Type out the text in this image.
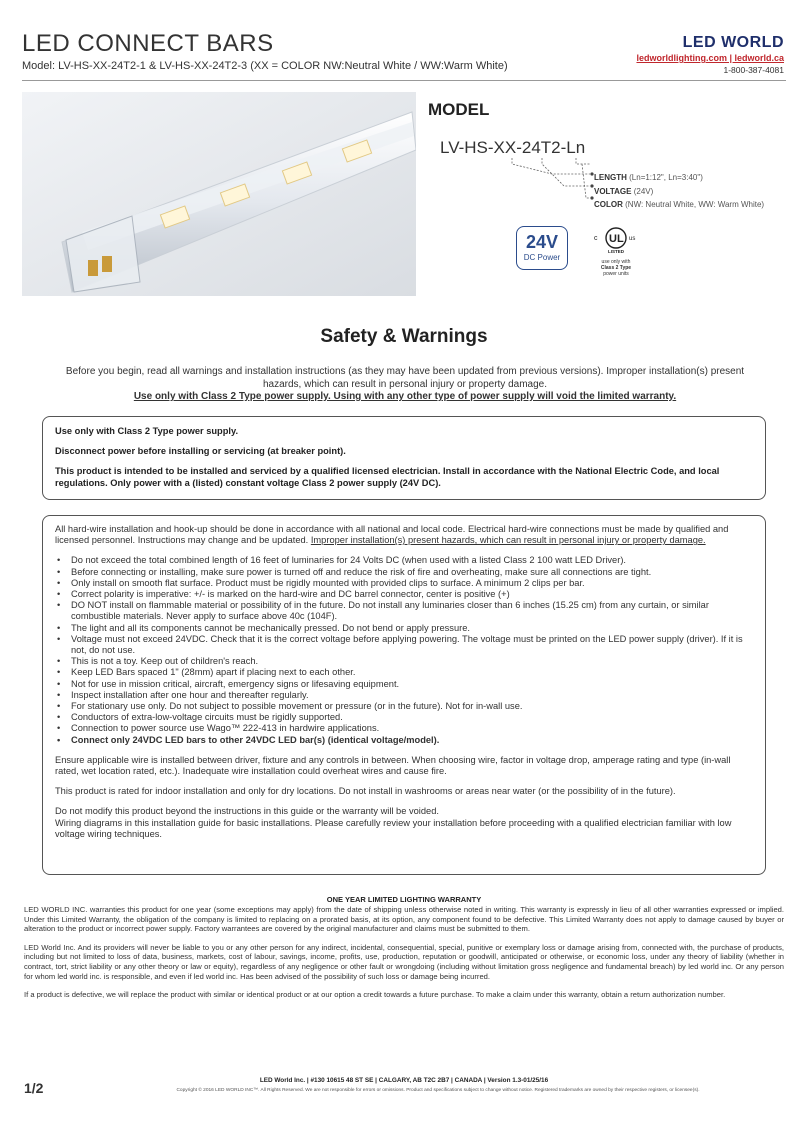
LED CONNECT BARS
Model: LV-HS-XX-24T2-1 & LV-HS-XX-24T2-3 (XX = COLOR NW:Neutral White / WW:Warm White)
LED WORLD
ledworldlighting.com | ledworld.ca
1-800-387-4081
MODEL
LV-HS-XX-24T2-Ln
LENGTH (Ln=1:12", Ln=3:40")
VOLTAGE (24V)
COLOR (NW: Neutral White, WW: Warm White)
24V
DC Power
c UL us
LISTED
use only with
Class 2 Type
power units
Safety & Warnings
Before you begin, read all warnings and installation instructions (as they may have been updated from previous versions). Improper installation(s) present hazards, which can result in personal injury or property damage.
Use only with Class 2 Type power supply. Using with any other type of power supply will void the limited warranty.

Use only with Class 2 Type power supply.

Disconnect power before installing or servicing (at breaker point).

This product is intended to be installed and serviced by a qualified licensed electrician. Install in accordance with the National Electric Code, and local regulations. Only power with a (listed) constant voltage Class 2 power supply (24V DC).

All hard-wire installation and hook-up should be done in accordance with all national and local code. Electrical hard-wire connections must be made by qualified and licensed personnel. Instructions may change and be updated. Improper installation(s) present hazards, which can result in personal injury or property damage.

• Do not exceed the total combined length of 16 feet of luminaries for 24 Volts DC (when used with a listed Class 2 100 watt LED Driver).
• Before connecting or installing, make sure power is turned off and reduce the risk of fire and overheating, make sure all connections are tight.
• Only install on smooth flat surface. Product must be rigidly mounted with provided clips to surface. A minimum 2 clips per bar.
• Correct polarity is imperative: +/- is marked on the hard-wire and DC barrel connector, center is positive (+)
• DO NOT install on flammable material or possibility of in the future. Do not install any luminaries closer than 6 inches (15.25 cm) from any curtain, or similar combustible materials. Never apply to surface above 40c (104F).
• The light and all its components cannot be mechanically pressed. Do not bend or apply pressure.
• Voltage must not exceed 24VDC. Check that it is the correct voltage before applying powering. The voltage must be printed on the LED power supply (driver). If it is not, do not use.
• This is not a toy. Keep out of children's reach.
• Keep LED Bars spaced 1" (28mm) apart if placing next to each other.
• Not for use in mission critical, aircraft, emergency signs or lifesaving equipment.
• Inspect installation after one hour and thereafter regularly.
• For stationary use only. Do not subject to possible movement or pressure (or in the future). Not for in-wall use.
• Conductors of extra-low-voltage circuits must be rigidly supported.
• Connection to power source use Wago™ 222-413 in hardwire applications.
• Connect only 24VDC LED bars to other 24VDC LED bar(s) (identical voltage/model).

Ensure applicable wire is installed between driver, fixture and any controls in between. When choosing wire, factor in voltage drop, amperage rating and type (in-wall rated, wet location rated, etc.). Inadequate wire installation could overheat wires and cause fire.

This product is rated for indoor installation and only for dry locations. Do not install in washrooms or areas near water (or the possibility of in the future).

Do not modify this product beyond the instructions in this guide or the warranty will be voided.
Wiring diagrams in this installation guide for basic installations. Please carefully review your installation before proceeding with a qualified electrician familiar with low voltage wiring techniques.

ONE YEAR LIMITED LIGHTING WARRANTY

LED WORLD INC. warranties this product for one year (some exceptions may apply) from the date of shipping unless otherwise noted in writing. This warranty is expressly in lieu of all other warranties expressed or implied. Under this Limited Warranty, the obligation of the company is limited to replacing on a prorated basis, at its option, any component found to be defective. This Limited Warranty does not apply to damage caused by buyer or alteration to the product or incorrect power supply. Factory warrantees are covered by the original manufacturer and claims must be submitted to them.

LED World Inc. And its providers will never be liable to you or any other person for any indirect, incidental, consequential, special, punitive or exemplary loss or damage arising from, connected with, the purchase of products, including but not limited to loss of data, business, markets, cost of labour, savings, income, profits, use, production, reputation or goodwill, anticipated or otherwise, or economic loss, under any theory of liability (whether in contract, tort, strict liability or any other theory or law or equity), regardless of any negligence or other fault or wrongdoing (including without limitation gross negligence and fundamental breach) by led world inc. Or any person for whom led world inc. is responsible, and even if led world inc. Has been advised of the possibility of such loss or damage being incurred.

If a product is defective, we will replace the product with similar or identical product or at our option a credit towards a future purchase. To make a claim under this warranty, obtain a return authorization number.

LED World Inc. | #130 10615 48 ST SE | CALGARY, AB T2C 2B7 | CANADA | Version 1.3-01/25/16
1/2	Copyright © 2016 LED WORLD INC™. All Rights Reserved. We are not responsible for errors or omissions. Product and specifications subject to change without notice. Registered trademarks are owned by their respective registers, or licensee(s).
